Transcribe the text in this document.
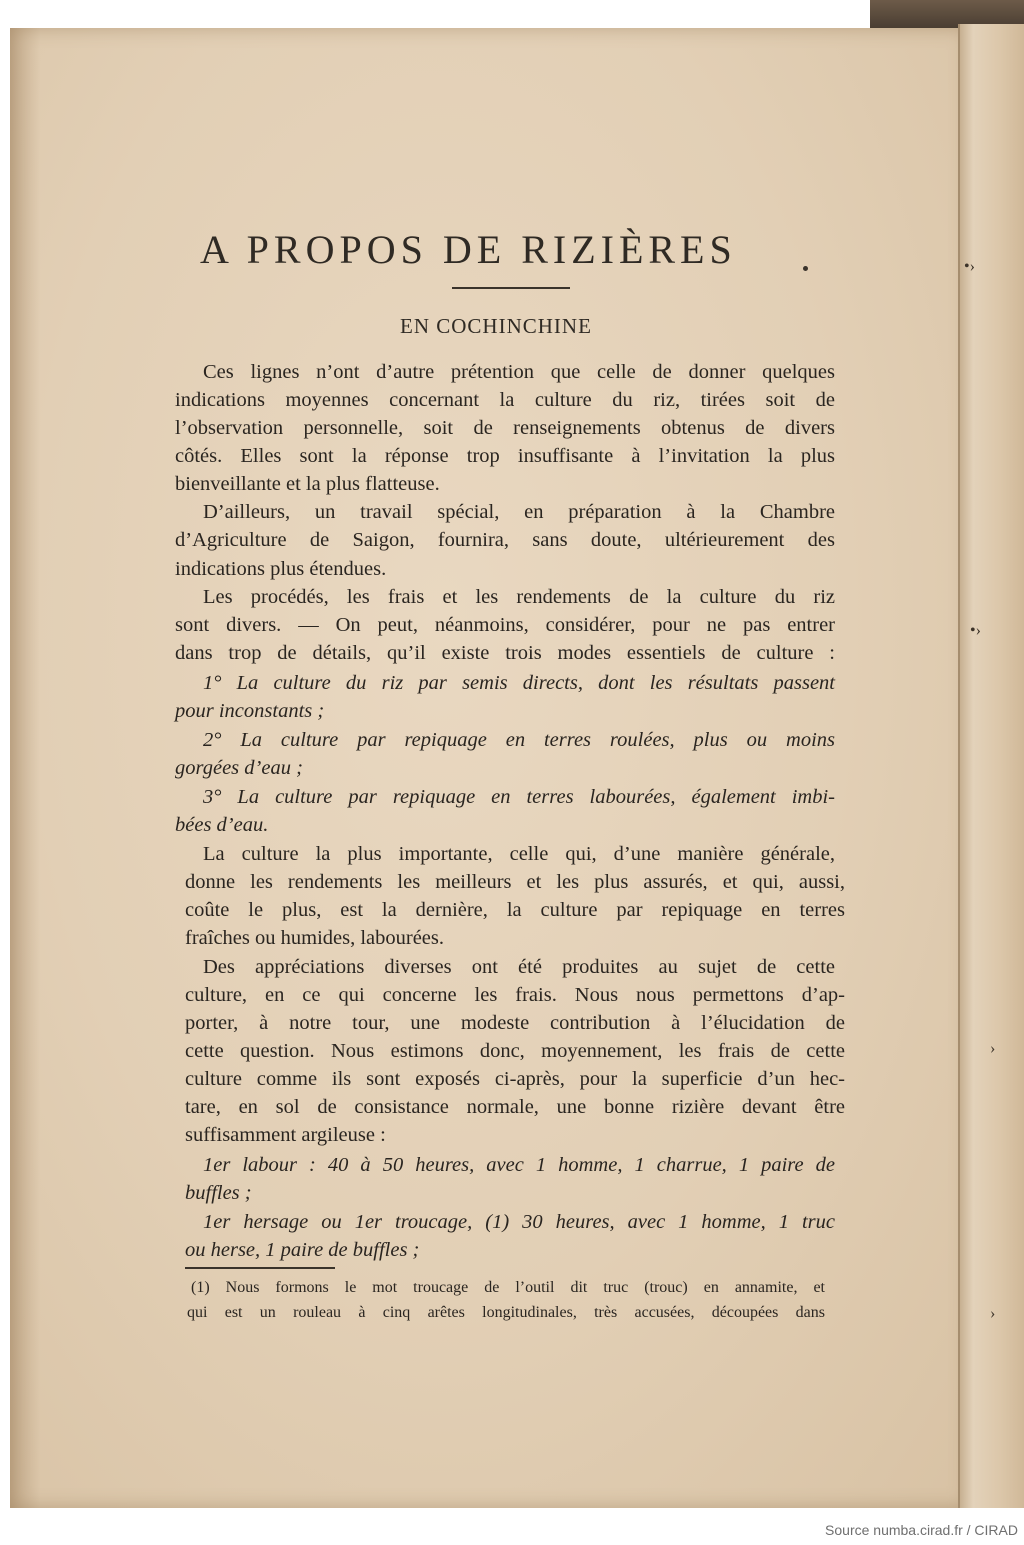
•›
•›
›
›
A PROPOS DE RIZIÈRES
EN COCHINCHINE
Ces lignes n’ont d’autre prétention que celle de donner quelques
indications moyennes concernant la culture du riz, tirées soit de
l’observation personnelle, soit de renseignements obtenus de divers
côtés. Elles sont la réponse trop insuffisante à l’invitation la plus
bienveillante et la plus flatteuse.
D’ailleurs, un travail spécial, en préparation à la Chambre
d’Agriculture de Saigon, fournira, sans doute, ultérieurement des
indications plus étendues.
Les procédés, les frais et les rendements de la culture du riz
sont divers. — On peut, néanmoins, considérer, pour ne pas entrer
dans trop de détails, qu’il existe trois modes essentiels de culture :
1° La culture du riz par semis directs, dont les résultats passent
pour inconstants ;
2° La culture par repiquage en terres roulées, plus ou moins
gorgées d’eau ;
3° La culture par repiquage en terres labourées, également imbi-
bées d’eau.
La culture la plus importante, celle qui, d’une manière générale,
donne les rendements les meilleurs et les plus assurés, et qui, aussi,
coûte le plus, est la dernière, la culture par repiquage en terres
fraîches ou humides, labourées.
Des appréciations diverses ont été produites au sujet de cette
culture, en ce qui concerne les frais. Nous nous permettons d’ap-
porter, à notre tour, une modeste contribution à l’élucidation de
cette question. Nous estimons donc, moyennement, les frais de cette
culture comme ils sont exposés ci-après, pour la superficie d’un hec-
tare, en sol de consistance normale, une bonne rizière devant être
suffisamment argileuse :
1er labour : 40 à 50 heures, avec 1 homme, 1 charrue, 1 paire de
buffles ;
1er hersage ou 1er troucage, (1) 30 heures, avec 1 homme, 1 truc
ou herse, 1 paire de buffles ;
(1) Nous formons le mot troucage de l’outil dit truc (trouc) en annamite, et
qui est un rouleau à cinq arêtes longitudinales, très accusées, découpées dans
Source numba.cirad.fr / CIRAD
